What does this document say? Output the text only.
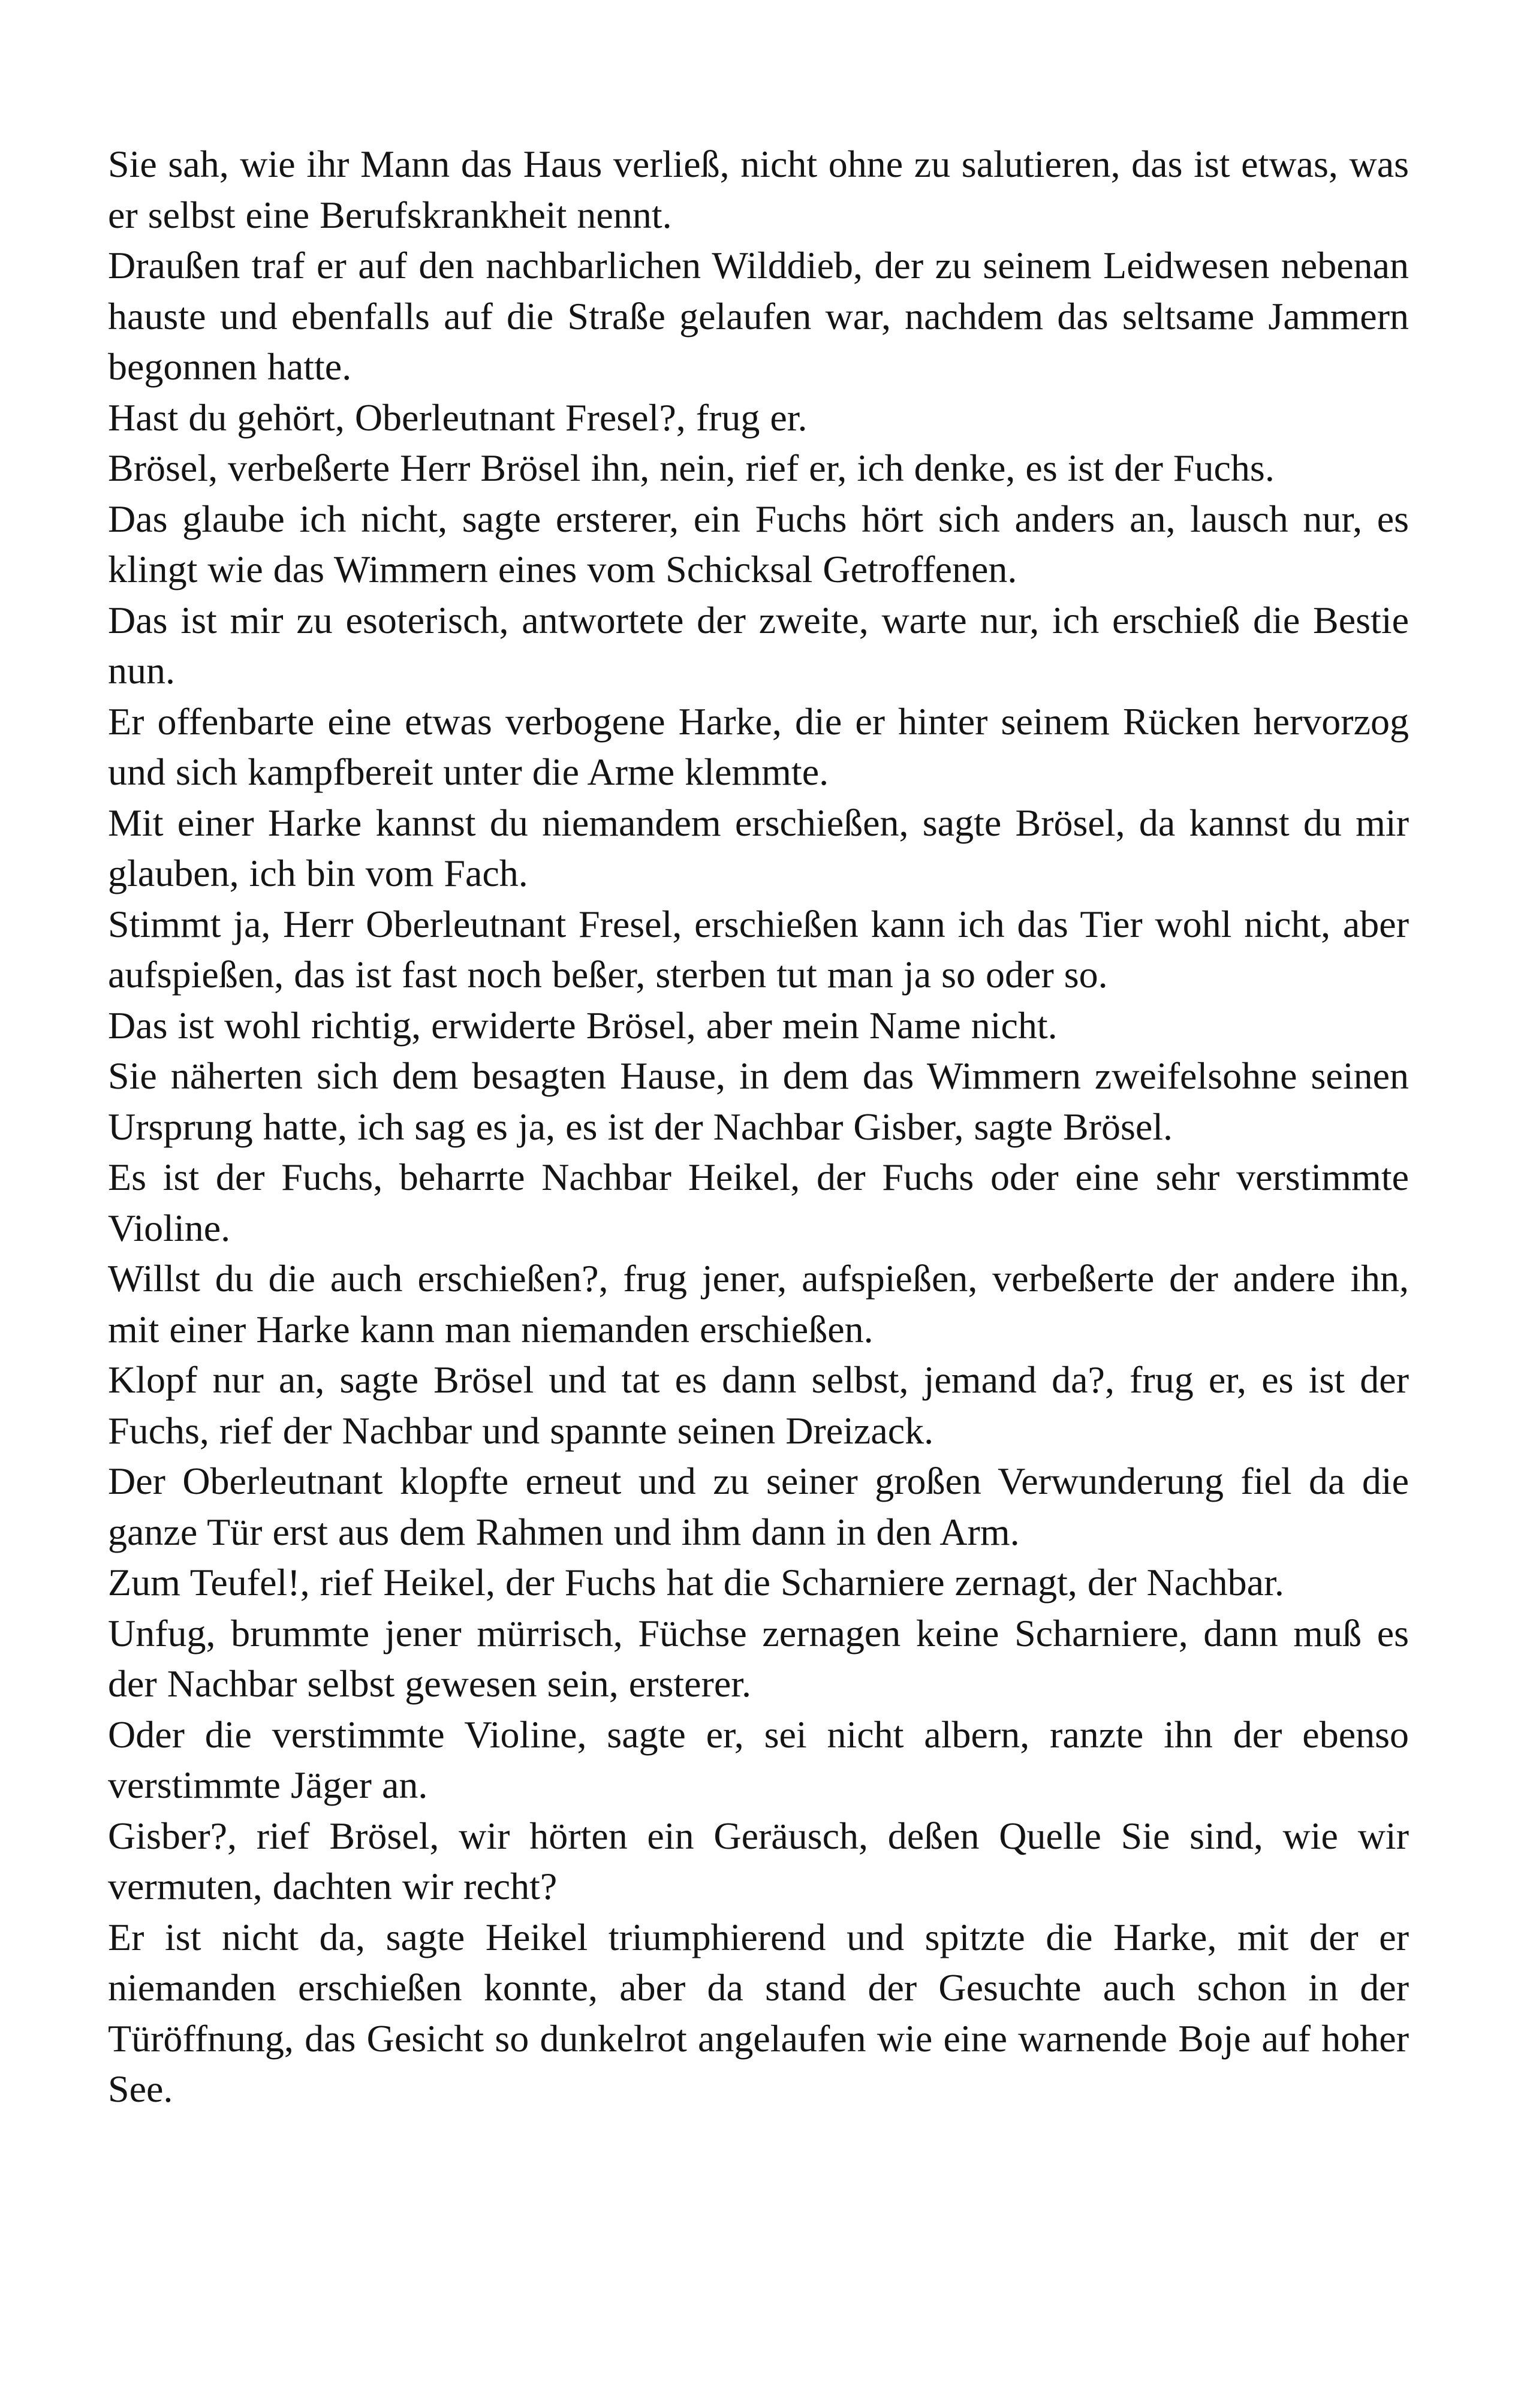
Sie sah, wie ihr Mann das Haus verließ, nicht ohne zu salutieren, das ist etwas, was er selbst eine Berufskrankheit nennt.

Draußen traf er auf den nachbarlichen Wilddieb, der zu seinem Leidwesen nebenan hauste und ebenfalls auf die Straße gelaufen war, nachdem das seltsame Jammern begonnen hatte.

Hast du gehört, Oberleutnant Fresel?, frug er.

Brösel, verbeßerte Herr Brösel ihn, nein, rief er, ich denke, es ist der Fuchs.

Das glaube ich nicht, sagte ersterer, ein Fuchs hört sich anders an, lausch nur, es klingt wie das Wimmern eines vom Schicksal Getroffenen.

Das ist mir zu esoterisch, antwortete der zweite, warte nur, ich erschieß die Bestie nun.

Er offenbarte eine etwas verbogene Harke, die er hinter seinem Rücken hervorzog und sich kampfbereit unter die Arme klemmte.

Mit einer Harke kannst du niemandem erschießen, sagte Brösel, da kannst du mir glauben, ich bin vom Fach.

Stimmt ja, Herr Oberleutnant Fresel, erschießen kann ich das Tier wohl nicht, aber aufspießen, das ist fast noch beßer, sterben tut man ja so oder so.

Das ist wohl richtig, erwiderte Brösel, aber mein Name nicht.

Sie näherten sich dem besagten Hause, in dem das Wimmern zweifelsohne seinen Ursprung hatte, ich sag es ja, es ist der Nachbar Gisber, sagte Brösel.

Es ist der Fuchs, beharrte Nachbar Heikel, der Fuchs oder eine sehr verstimmte Violine.

Willst du die auch erschießen?, frug jener, aufspießen, verbeßerte der andere ihn, mit einer Harke kann man niemanden erschießen.

Klopf nur an, sagte Brösel und tat es dann selbst, jemand da?, frug er, es ist der Fuchs, rief der Nachbar und spannte seinen Dreizack.

Der Oberleutnant klopfte erneut und zu seiner großen Verwunderung fiel da die ganze Tür erst aus dem Rahmen und ihm dann in den Arm.

Zum Teufel!, rief Heikel, der Fuchs hat die Scharniere zernagt, der Nachbar.

Unfug, brummte jener mürrisch, Füchse zernagen keine Scharniere, dann muß es der Nachbar selbst gewesen sein, ersterer.

Oder die verstimmte Violine, sagte er, sei nicht albern, ranzte ihn der ebenso verstimmte Jäger an.

Gisber?, rief Brösel, wir hörten ein Geräusch, deßen Quelle Sie sind, wie wir vermuten, dachten wir recht?

Er ist nicht da, sagte Heikel triumphierend und spitzte die Harke, mit der er niemanden erschießen konnte, aber da stand der Gesuchte auch schon in der Türöffnung, das Gesicht so dunkelrot angelaufen wie eine warnende Boje auf hoher See.
